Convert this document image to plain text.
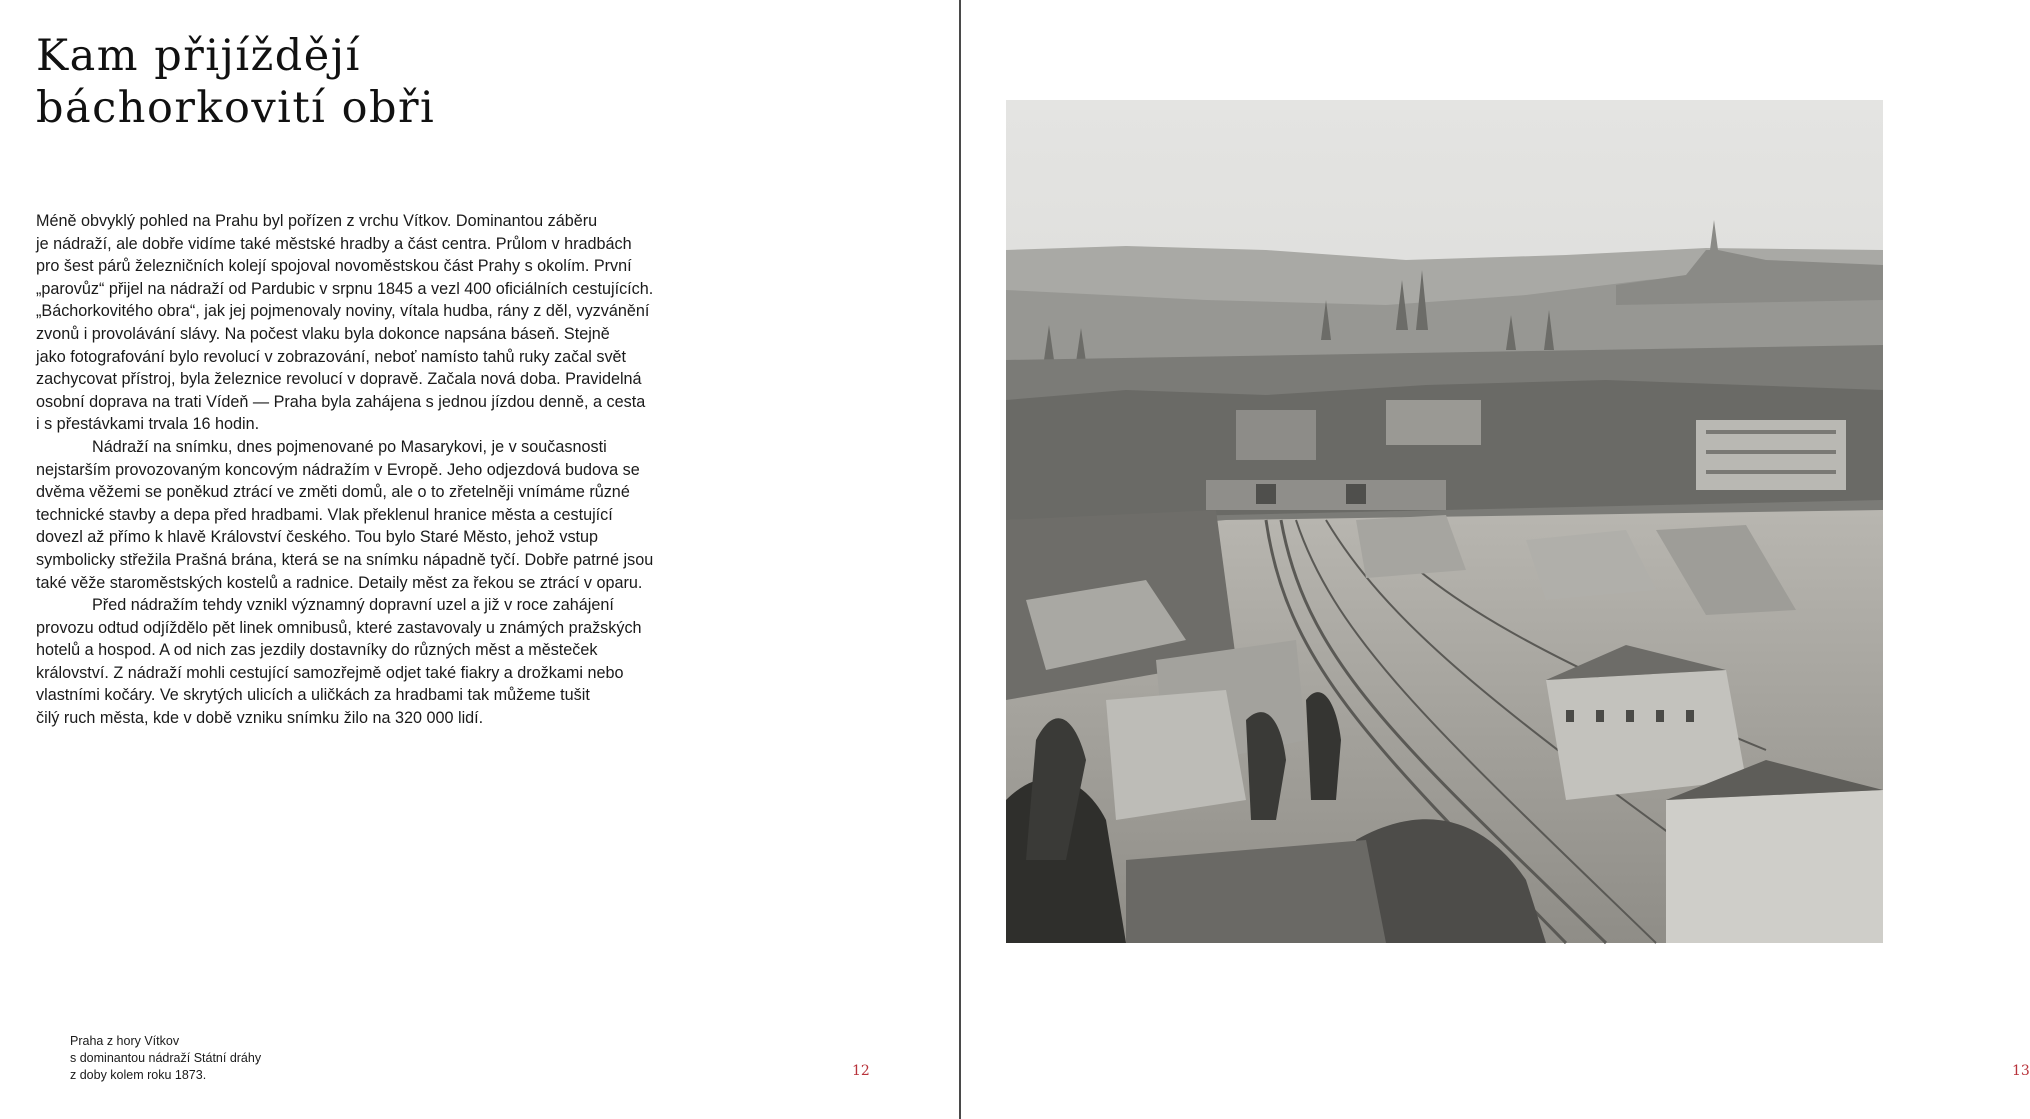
Kam přijíždějí
báchorkovití obři
Méně obvyklý pohled na Prahu byl pořízen z vrchu Vítkov. Dominantou záběru
je nádraží, ale dobře vidíme také městské hradby a část centra. Průlom v hradbách
pro šest párů železničních kolejí spojoval novoměstskou část Prahy s okolím. První
„parovůz“ přijel na nádraží od Pardubic v srpnu 1845 a vezl 400 oficiálních cestujících.
„Báchorkovitého obra“, jak jej pojmenovaly noviny, vítala hudba, rány z děl, vyzvánění
zvonů i provolávání slávy. Na počest vlaku byla dokonce napsána báseň. Stejně
jako fotografování bylo revolucí v zobrazování, neboť namísto tahů ruky začal svět
zachycovat přístroj, byla železnice revolucí v dopravě. Začala nová doba. Pravidelná
osobní doprava na trati Vídeň — Praha byla zahájena s jednou jízdou denně, a cesta
i s přestávkami trvala 16 hodin.
Nádraží na snímku, dnes pojmenované po Masarykovi, je v současnosti
nejstarším provozovaným koncovým nádražím v Evropě. Jeho odjezdová budova se
dvěma věžemi se poněkud ztrácí ve změti domů, ale o to zřetelněji vnímáme různé
technické stavby a depa před hradbami. Vlak překlenul hranice města a cestující
dovezl až přímo k hlavě Království českého. Tou bylo Staré Město, jehož vstup
symbolicky střežila Prašná brána, která se na snímku nápadně tyčí. Dobře patrné jsou
také věže staroměstských kostelů a radnice. Detaily měst za řekou se ztrácí v oparu.
Před nádražím tehdy vznikl významný dopravní uzel a již v roce zahájení
provozu odtud odjíždělo pět linek omnibusů, které zastavovaly u známých pražských
hotelů a hospod. A od nich zas jezdily dostavníky do různých měst a městeček
království. Z nádraží mohli cestující samozřejmě odjet také fiakry a drožkami nebo
vlastními kočáry. Ve skrytých ulicích a uličkách za hradbami tak můžeme tušit
čilý ruch města, kde v době vzniku snímku žilo na 320 000 lidí.
Praha z hory Vítkov
s dominantou nádraží Státní dráhy
z doby kolem roku 1873.	12	13
